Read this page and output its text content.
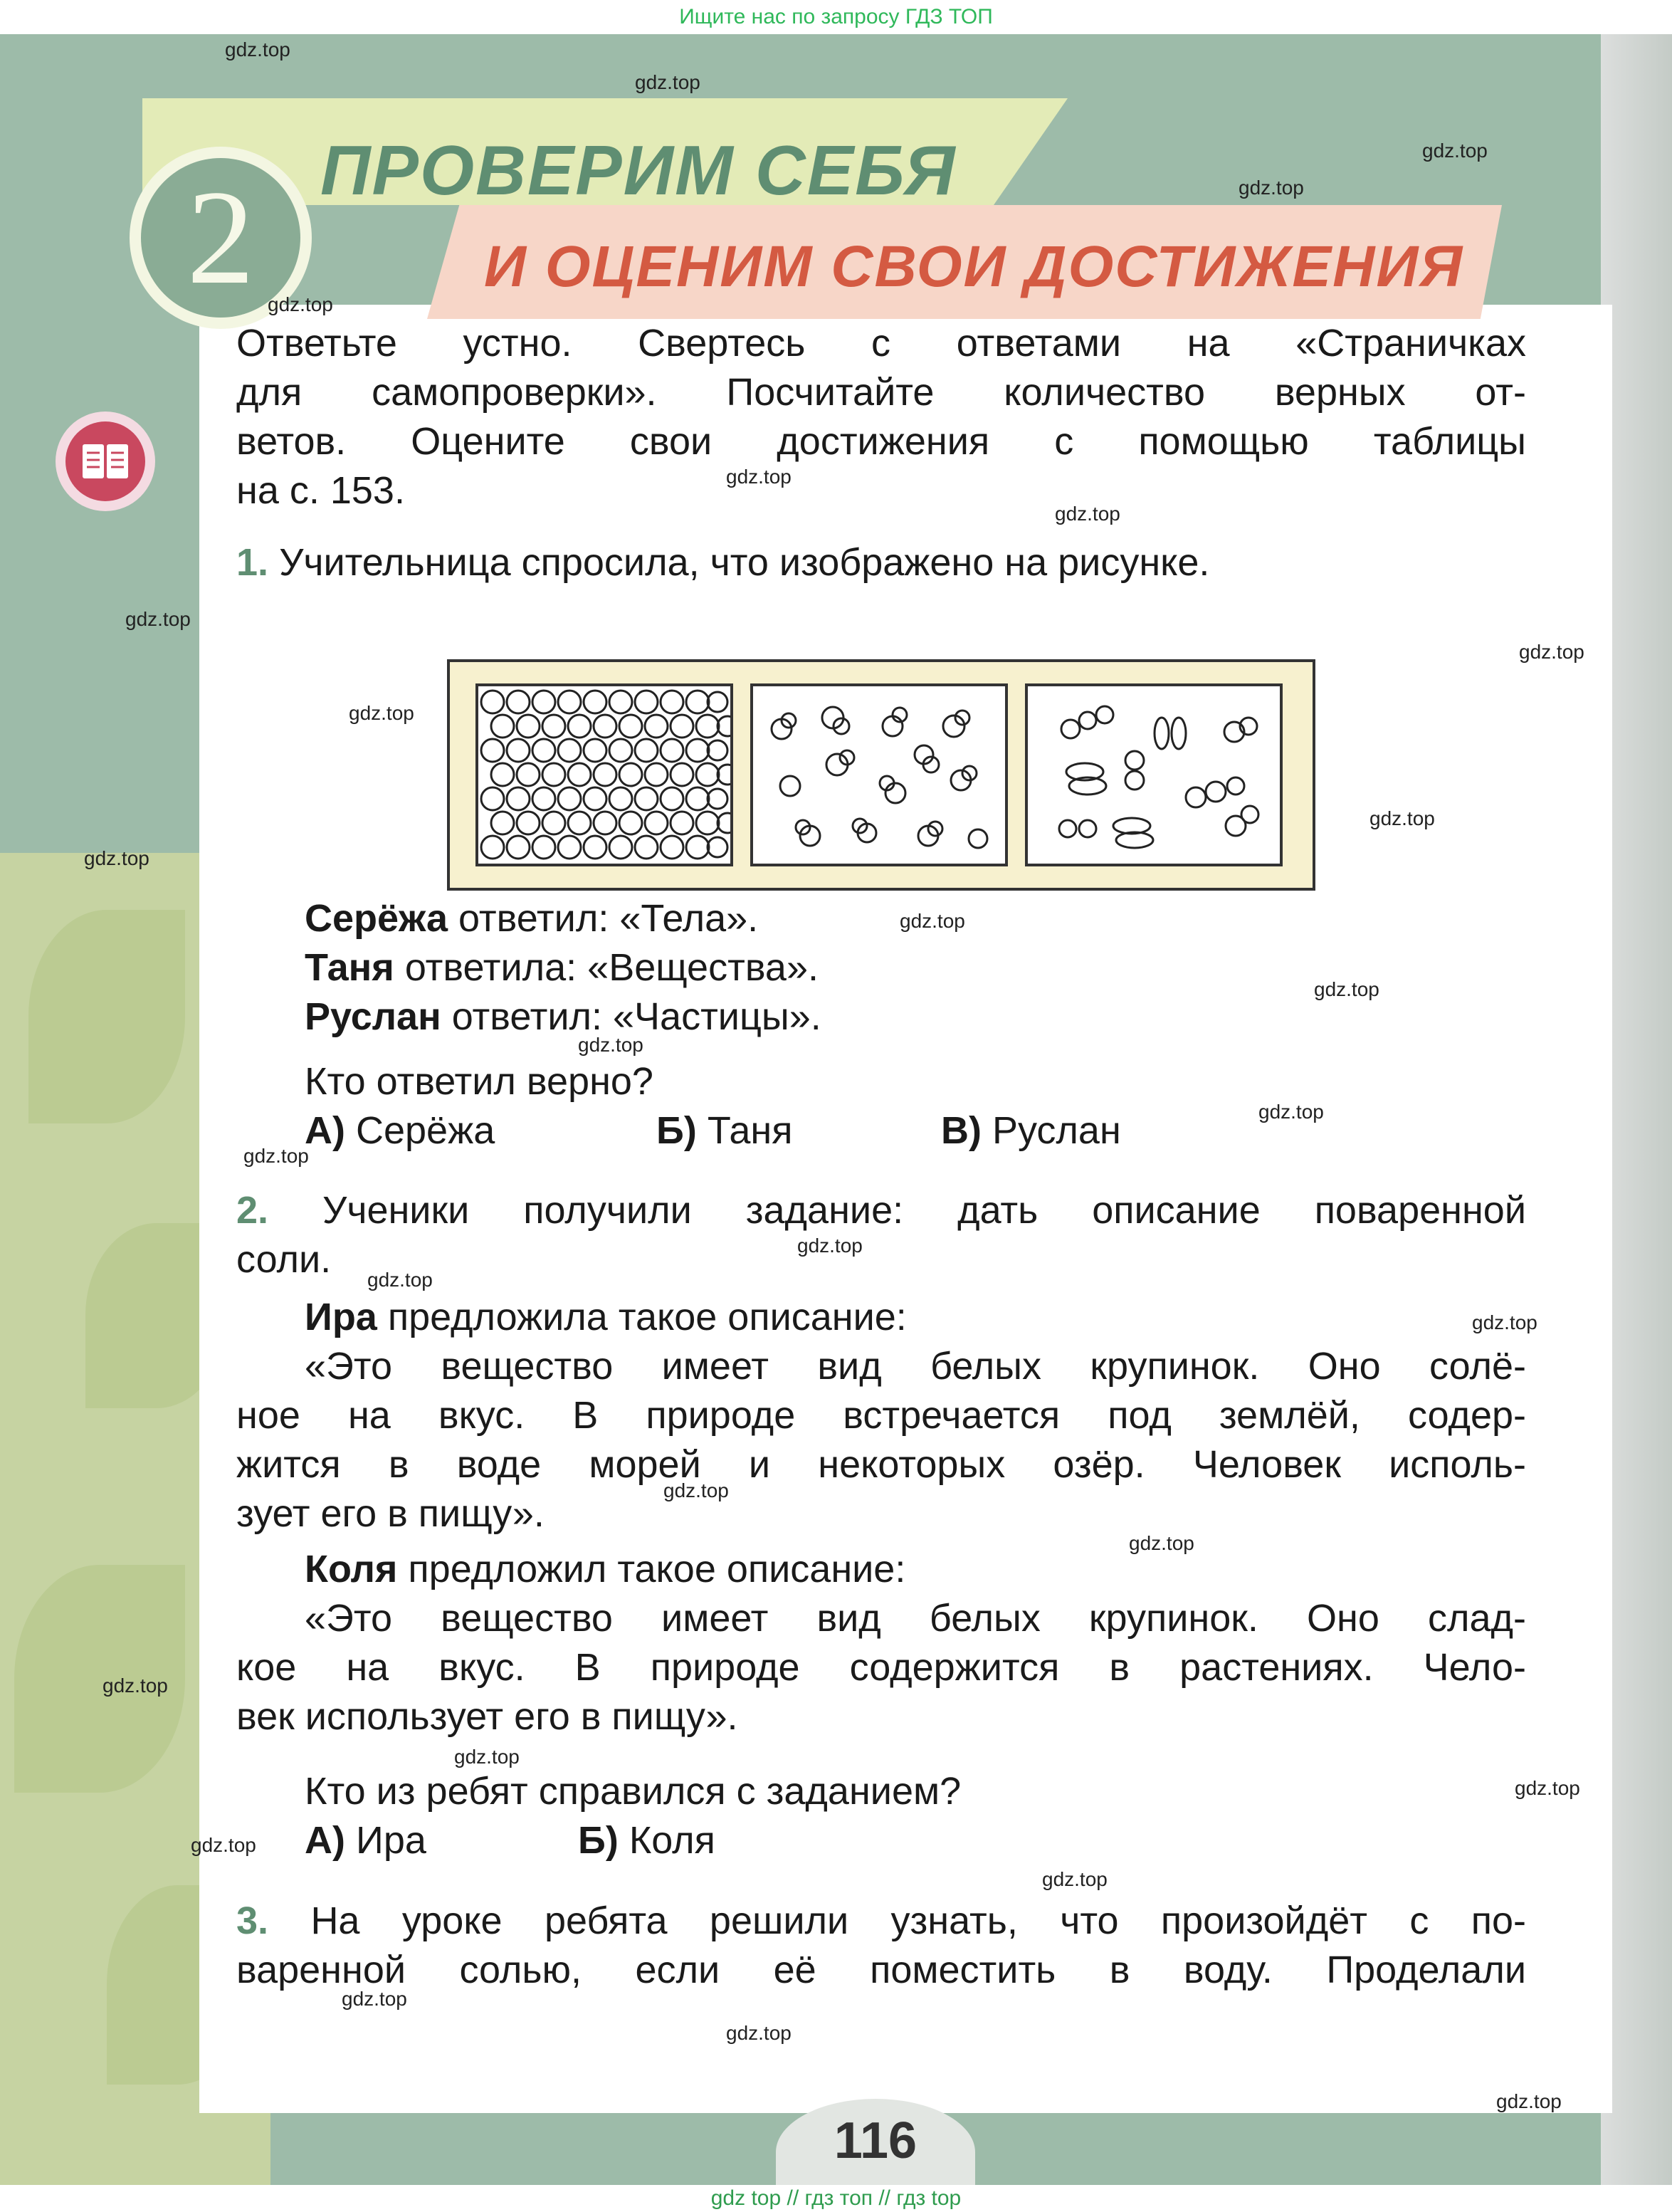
Ищите нас по запросу ГДЗ ТОП
2 ПРОВЕРИМ СЕБЯ
И ОЦЕНИМ СВОИ ДОСТИЖЕНИЯ
Ответьте устно. Свертесь с ответами на «Страничках
для самопроверки». Посчитайте количество верных от-
ветов. Оцените свои достижения с помощью таблицы
на с. 153.
1. Учительница спросила, что изображено на рисунке.
Серёжа ответил: «Тела».
Таня ответила: «Вещества».
Руслан ответил: «Частицы».
Кто ответил верно?
А) Серёжа	Б) Таня	В) Руслан
2. Ученики получили задание: дать описание поваренной
соли.
Ира предложила такое описание:
«Это вещество имеет вид белых крупинок. Оно солё-
ное на вкус. В природе встречается под землёй, содер-
жится в воде морей и некоторых озёр. Человек исполь-
зует его в пищу».
Коля предложил такое описание:
«Это вещество имеет вид белых крупинок. Оно слад-
кое на вкус. В природе содержится в растениях. Чело-
век использует его в пищу».
Кто из ребят справился с заданием?
А) Ира	Б) Коля
3. На уроке ребята решили узнать, что произойдёт с по-
варенной солью, если её поместить в воду. Проделали
116
gdz.top
gdz.top
gdz.top
gdz.top
gdz.top
gdz.top
gdz.top
gdz.top
gdz.top
gdz.top
gdz.top
gdz.top
gdz.top
gdz.top
gdz.top
gdz.top
gdz.top
gdz.top
gdz.top
gdz.top
gdz.top
gdz.top
gdz.top
gdz.top
gdz.top
gdz.top
gdz.top
gdz.top
gdz.top
gdz.top
gdz top // гдз топ // гдз top
